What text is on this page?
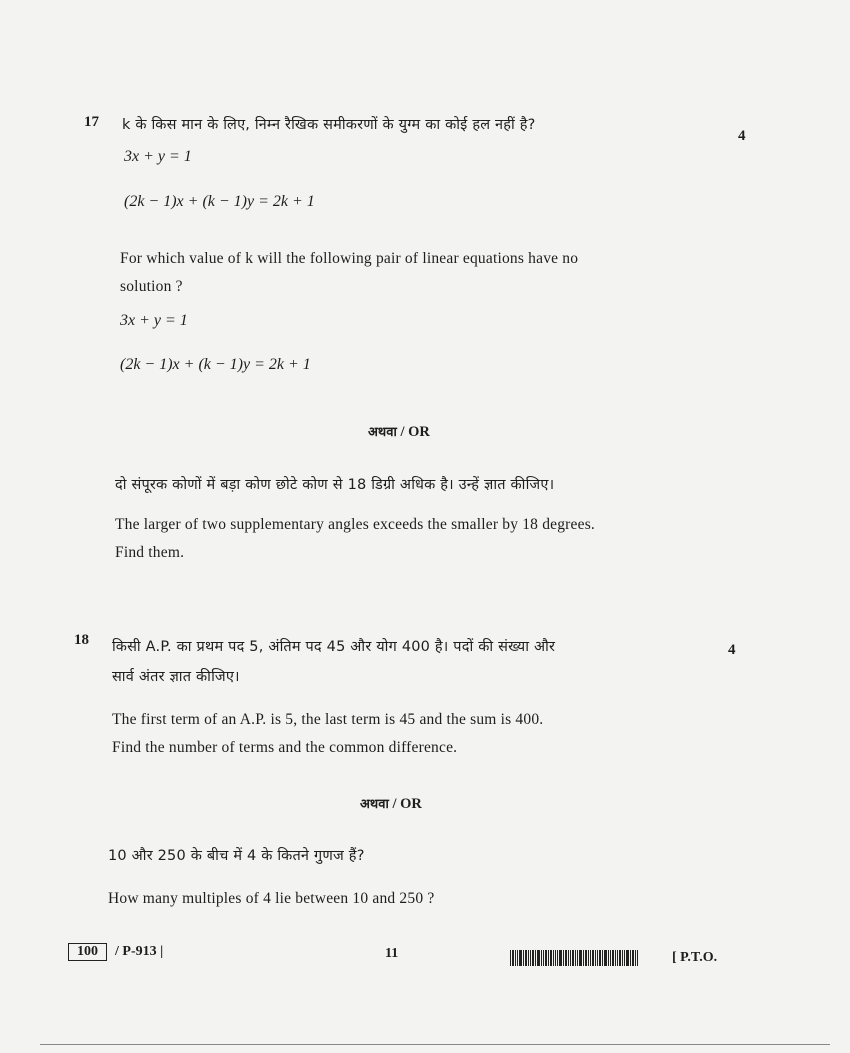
17
4
k के किस मान के लिए, निम्न रैखिक समीकरणों के युग्म का कोई हल नहीं है?
3x + y = 1
(2k − 1)x + (k − 1)y = 2k + 1
For which value of k will the following pair of linear equations have no
solution ?
3x + y = 1
(2k − 1)x + (k − 1)y = 2k + 1
अथवा / OR
दो संपूरक कोणों में बड़ा कोण छोटे कोण से 18 डिग्री अधिक है। उन्हें ज्ञात कीजिए।
The larger of two supplementary angles exceeds the smaller by 18 degrees.
Find them.
18
4
किसी A.P. का प्रथम पद 5, अंतिम पद 45 और योग 400 है। पदों की संख्या और
सार्व अंतर ज्ञात कीजिए।
The first term of an A.P. is 5, the last term is 45 and the sum is 400.
Find the number of terms and the common difference.
अथवा / OR
10 और 250 के बीच में 4 के कितने गुणज हैं?
How many multiples of 4 lie between 10 and 250 ?
100	/ P-913 |	11	[ P.T.O.
